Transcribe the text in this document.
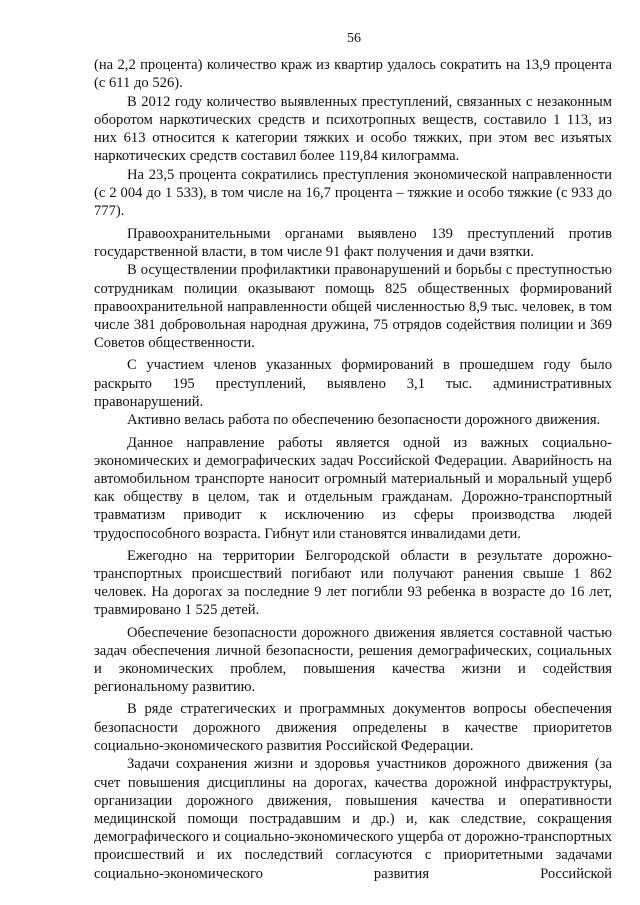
56

(на 2,2 процента) количество краж из квартир удалось сократить на 13,9 процента (с 611 до 526).

В 2012 году количество выявленных преступлений, связанных с незаконным оборотом наркотических средств и психотропных веществ, составило 1 113, из них 613 относится к категории тяжких и особо тяжких, при этом вес изъятых наркотических средств составил более 119,84 килограмма.

На 23,5 процента сократились преступления экономической направленности (с 2 004 до 1 533), в том числе на 16,7 процента – тяжкие и особо тяжкие (с 933 до 777).

Правоохранительными органами выявлено 139 преступлений против государственной власти, в том числе 91 факт получения и дачи взятки.

В осуществлении профилактики правонарушений и борьбы с преступностью сотрудникам полиции оказывают помощь 825 общественных формирований правоохранительной направленности общей численностью 8,9 тыс. человек, в том числе 381 добровольная народная дружина, 75 отрядов содействия полиции и 369 Советов общественности.

С участием членов указанных формирований в прошедшем году было раскрыто 195 преступлений, выявлено 3,1 тыс. административных правонарушений.

Активно велась работа по обеспечению безопасности дорожного движения.

Данное направление работы является одной из важных социально-экономических и демографических задач Российской Федерации. Аварийность на автомобильном транспорте наносит огромный материальный и моральный ущерб как обществу в целом, так и отдельным гражданам. Дорожно-транспортный травматизм приводит к исключению из сферы производства людей трудоспособного возраста. Гибнут или становятся инвалидами дети.

Ежегодно на территории Белгородской области в результате дорожно-транспортных происшествий погибают или получают ранения свыше 1 862 человек. На дорогах за последние 9 лет погибли 93 ребенка в возрасте до 16 лет, травмировано 1 525 детей.

Обеспечение безопасности дорожного движения является составной частью задач обеспечения личной безопасности, решения демографических, социальных и экономических проблем, повышения качества жизни и содействия региональному развитию.

В ряде стратегических и программных документов вопросы обеспечения безопасности дорожного движения определены в качестве приоритетов социально-экономического развития Российской Федерации.

Задачи сохранения жизни и здоровья участников дорожного движения (за счет повышения дисциплины на дорогах, качества дорожной инфраструктуры, организации дорожного движения, повышения качества и оперативности медицинской помощи пострадавшим и др.) и, как следствие, сокращения демографического и социально-экономического ущерба от дорожно-транспортных происшествий и их последствий согласуются с приоритетными задачами социально-экономического развития Российской
